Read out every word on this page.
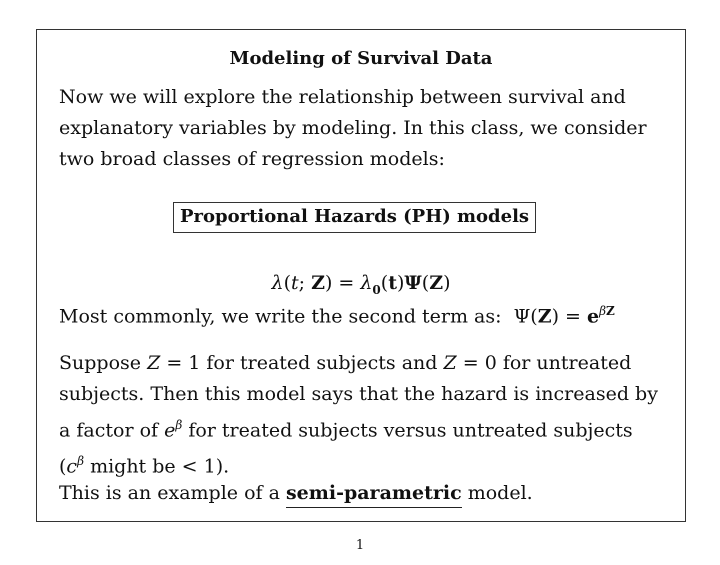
Modeling of Survival Data
Now we will explore the relationship between survival and explanatory variables by modeling. In this class, we consider two broad classes of regression models:
Proportional Hazards (PH) models
λ(t; $Z) = \lambda_0(t)\Psi(Z)$
Most commonly, we write the second term as: $\Psi(Z) = e^{\beta Z}$
Suppose Z = 1 for treated subjects and Z = 0 for untreated subjects. Then this model says that the hazard is increased by a factor of $e^\beta$ for treated subjects versus untreated subjects ($c^\beta$ might be < 1).
This is an example of a semi-parametric model.
1
